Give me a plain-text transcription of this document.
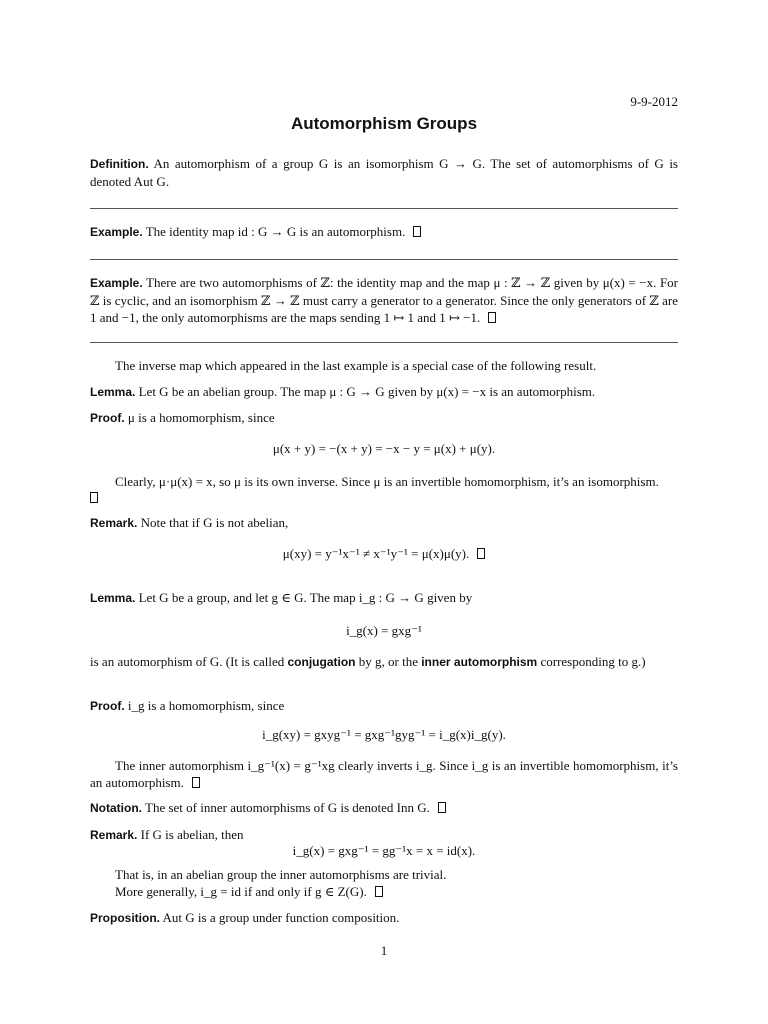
9-9-2012
Automorphism Groups
Definition. An automorphism of a group G is an isomorphism G → G. The set of automorphisms of G is denoted Aut G.
Example. The identity map id : G → G is an automorphism.
Example. There are two automorphisms of ℤ: the identity map and the map μ : ℤ → ℤ given by μ(x) = −x. For ℤ is cyclic, and an isomorphism ℤ → ℤ must carry a generator to a generator. Since the only generators of ℤ are 1 and −1, the only automorphisms are the maps sending 1 ↦ 1 and 1 ↦ −1.
The inverse map which appeared in the last example is a special case of the following result.
Lemma. Let G be an abelian group. The map μ : G → G given by μ(x) = −x is an automorphism.
Proof. μ is a homomorphism, since
μ(x + y) = −(x + y) = −x − y = μ(x) + μ(y).
Clearly, μ·μ(x) = x, so μ is its own inverse. Since μ is an invertible homomorphism, it’s an isomorphism.
Remark. Note that if G is not abelian,
μ(xy) = y⁻¹x⁻¹ ≠ x⁻¹y⁻¹ = μ(x)μ(y).
Lemma. Let G be a group, and let g ∈ G. The map i_g : G → G given by
i_g(x) = gxg⁻¹
is an automorphism of G. (It is called conjugation by g, or the inner automorphism corresponding to g.)
Proof. i_g is a homomorphism, since
i_g(xy) = gxyg⁻¹ = gxg⁻¹gyg⁻¹ = i_g(x)i_g(y).
The inner automorphism i_g⁻¹(x) = g⁻¹xg clearly inverts i_g. Since i_g is an invertible homomorphism, it’s an automorphism.
Notation. The set of inner automorphisms of G is denoted Inn G.
Remark. If G is abelian, then
i_g(x) = gxg⁻¹ = gg⁻¹x = x = id(x).
That is, in an abelian group the inner automorphisms are trivial.
More generally, i_g = id if and only if g ∈ Z(G).
Proposition. Aut G is a group under function composition.
1
